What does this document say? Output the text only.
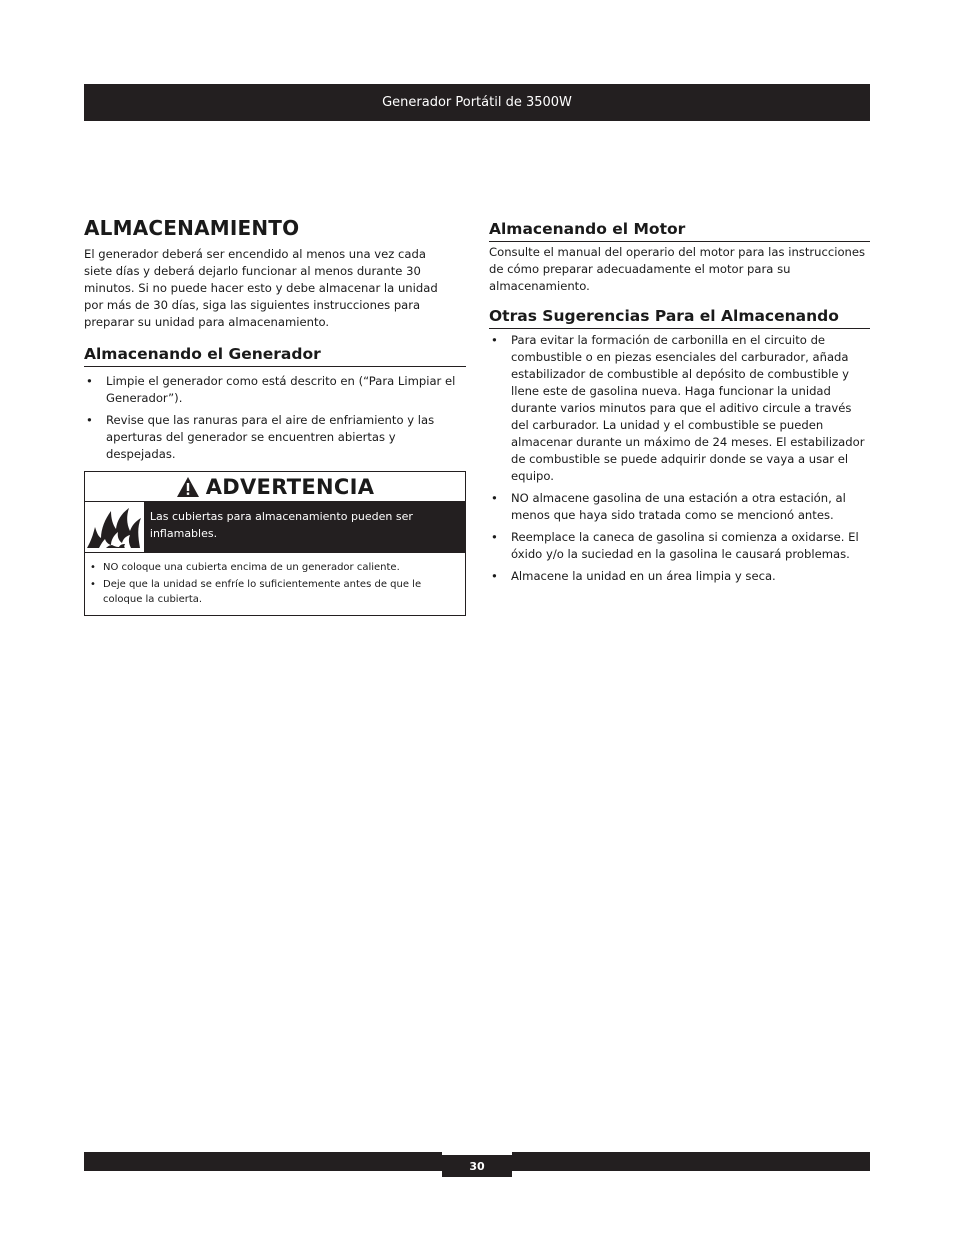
Generador Portátil de 3500W
ALMACENAMIENTO

El generador deberá ser encendido al menos una vez cada siete días y deberá dejarlo funcionar al menos durante 30 minutos. Si no puede hacer esto y debe almacenar la unidad por más de 30 días, siga las siguientes instrucciones para preparar su unidad para almacenamiento.

Almacenando el Generador
• Limpie el generador como está descrito en (“Para Limpiar el Generador”).
• Revise que las ranuras para el aire de enfriamiento y las aperturas del generador se encuentren abiertas y despejadas.
ADVERTENCIA
Las cubiertas para almacenamiento pueden ser inflamables.
• NO coloque una cubierta encima de un generador caliente.
• Deje que la unidad se enfríe lo suficientemente antes de que le coloque la cubierta.
Almacenando el Motor

Consulte el manual del operario del motor para las instrucciones de cómo preparar adecuadamente el motor para su almacenamiento.

Otras Sugerencias Para el Almacenando
• Para evitar la formación de carbonilla en el circuito de combustible o en piezas esenciales del carburador, añada estabilizador de combustible al depósito de combustible y llene este de gasolina nueva. Haga funcionar la unidad durante varios minutos para que el aditivo circule a través del carburador. La unidad y el combustible se pueden almacenar durante un máximo de 24 meses. El estabilizador de combustible se puede adquirir donde se vaya a usar el equipo.
• NO almacene gasolina de una estación a otra estación, al menos que haya sido tratada como se mencionó antes.
• Reemplace la caneca de gasolina si comienza a oxidarse. El óxido y/o la suciedad en la gasolina le causará problemas.
• Almacene la unidad en un área limpia y seca.
30
